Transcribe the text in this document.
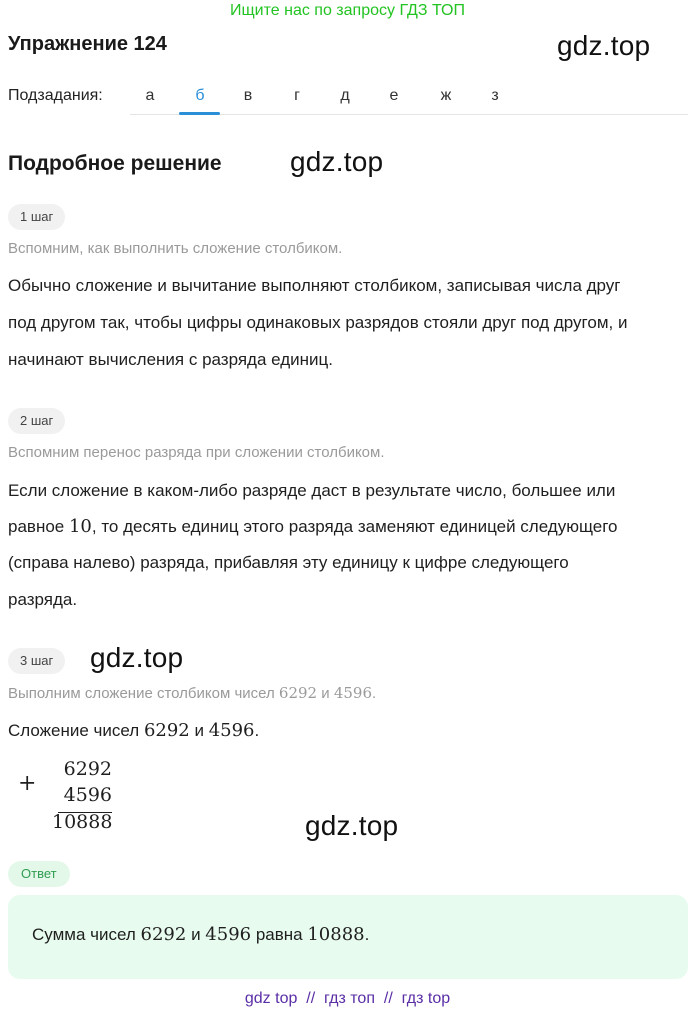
Ищите нас по запросу ГДЗ ТОП
Упражнение 124	gdz.top
Подзадания:	а	б	в	г	д	е	ж	з
Подробное решение gdz.top
1 шаг
Вспомним, как выполнить сложение столбиком.
Обычно сложение и вычитание выполняют столбиком, записывая числа друг
под другом так, чтобы цифры одинаковых разрядов стояли друг под другом, и
начинают вычисления с разряда единиц.
2 шаг
Вспомним перенос разряда при сложении столбиком.
Если сложение в каком-либо разряде даст в результате число, большее или
равное 10, то десять единиц этого разряда заменяют единицей следующего
(справа налево) разряда, прибавляя эту единицу к цифре следующего
разряда.
3 шаг	gdz.top
Выполним сложение столбиком чисел 6292 и 4596.
Сложение чисел 6292 и 4596.
+
6292
4596
10888	gdz.top
Ответ
Сумма чисел 6292 и 4596 равна 10888.
gdz top  //  гдз топ  //  гдз top
